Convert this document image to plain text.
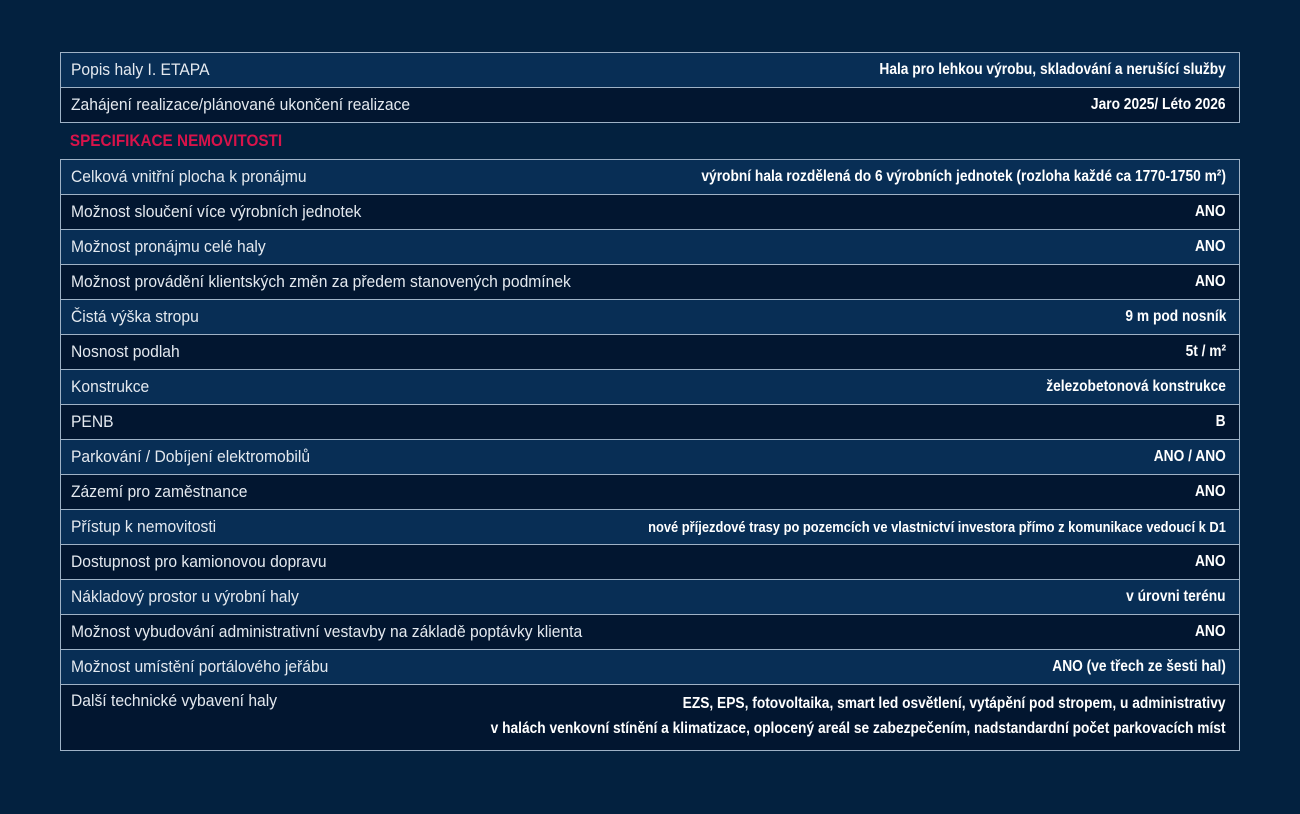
Popis haly I. ETAPA	Hala pro lehkou výrobu, skladování a nerušící služby
Zahájení realizace/plánované ukončení realizace	Jaro 2025/ Léto 2026
SPECIFIKACE NEMOVITOSTI
Celková vnitřní plocha k pronájmu	výrobní hala rozdělená do 6 výrobních jednotek (rozloha každé ca 1770-1750 m²)
Možnost sloučení více výrobních jednotek	ANO
Možnost pronájmu celé haly	ANO
Možnost provádění klientských změn za předem stanovených podmínek	ANO
Čistá výška stropu	9 m pod nosník
Nosnost podlah	5t / m²
Konstrukce	železobetonová konstrukce
PENB	B
Parkování / Dobíjení elektromobilů	ANO / ANO
Zázemí pro zaměstnance	ANO
Přístup k nemovitosti	nové příjezdové trasy po pozemcích ve vlastnictví investora přímo z komunikace vedoucí k D1
Dostupnost pro kamionovou dopravu	ANO
Nákladový prostor u výrobní haly	v úrovni terénu
Možnost vybudování administrativní vestavby na základě poptávky klienta	ANO
Možnost umístění portálového jeřábu	ANO (ve třech ze šesti hal)
Další technické vybavení haly	EZS, EPS, fotovoltaika, smart led osvětlení, vytápění pod stropem, u administrativy
v halách venkovní stínění a klimatizace, oplocený areál se zabezpečením, nadstandardní počet parkovacích míst
